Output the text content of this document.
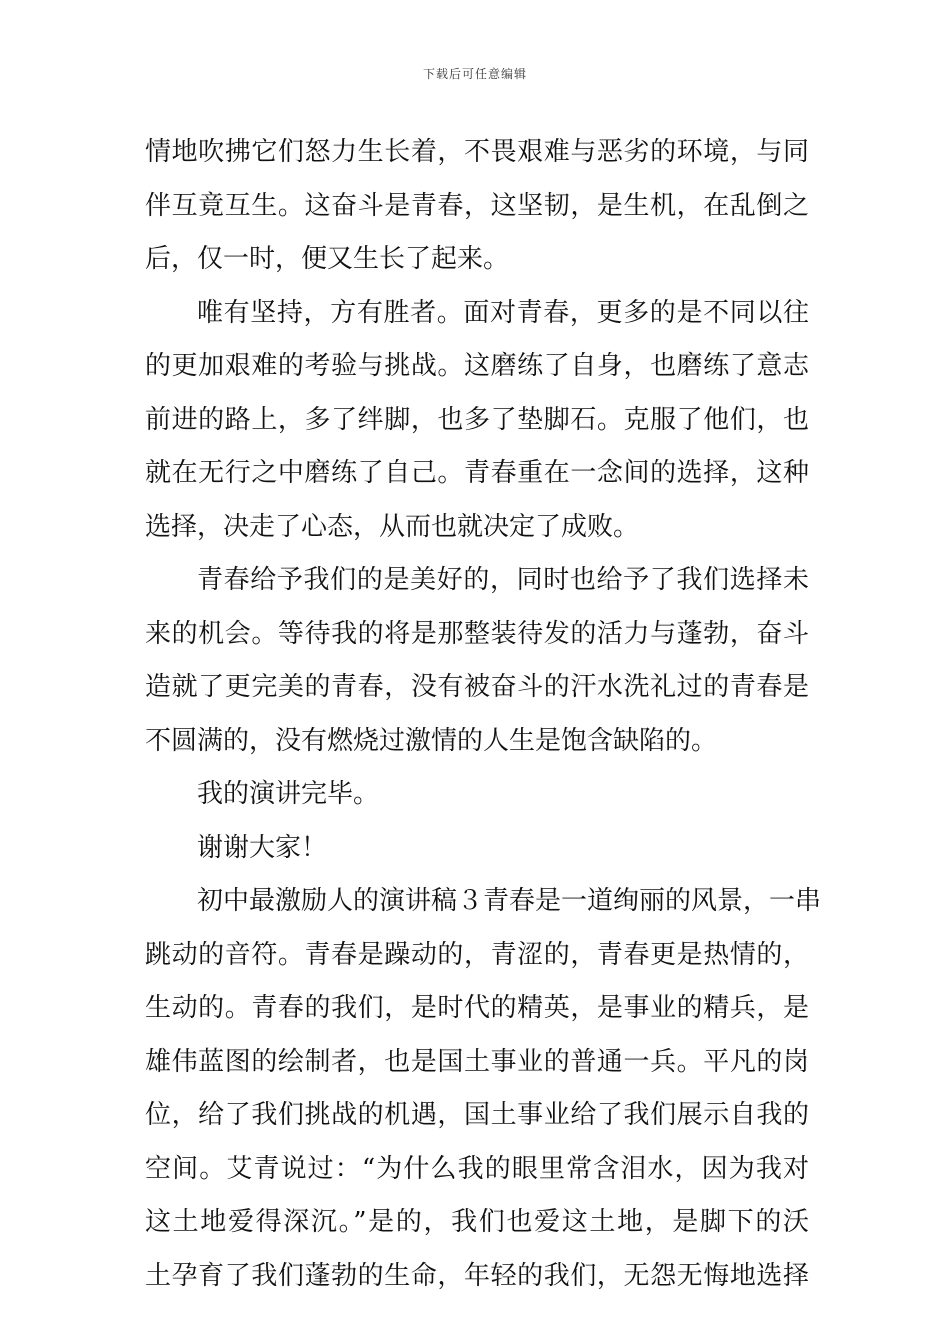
下载后可任意编辑
情地吹拂它们怒力生长着，不畏艰难与恶劣的环境，与同
伴互竟互生。这奋斗是青春，这坚韧，是生机，在乱倒之
后，仅一时，便又生长了起来。
唯有坚持，方有胜者。面对青春，更多的是不同以往
的更加艰难的考验与挑战。这磨练了自身，也磨练了意志
前进的路上，多了绊脚，也多了垫脚石。克服了他们，也
就在无行之中磨练了自己。青春重在一念间的选择，这种
选择，决走了心态，从而也就决定了成败。
青春给予我们的是美好的，同时也给予了我们选择未
来的机会。等待我的将是那整装待发的活力与蓬勃，奋斗
造就了更完美的青春，没有被奋斗的汗水洗礼过的青春是
不圆满的，没有燃烧过激情的人生是饱含缺陷的。
我的演讲完毕。
谢谢大家！
初中最激励人的演讲稿３青春是一道绚丽的风景，一串
跳动的音符。青春是躁动的，青涩的，青春更是热情的，
生动的。青春的我们，是时代的精英，是事业的精兵，是
雄伟蓝图的绘制者，也是国土事业的普通一兵。平凡的岗
位，给了我们挑战的机遇，国土事业给了我们展示自我的
空间。艾青说过：“为什么我的眼里常含泪水，因为我对
这土地爱得深沉。”是的，我们也爱这土地，是脚下的沃
土孕育了我们蓬勃的生命，年轻的我们，无怨无悔地选择
